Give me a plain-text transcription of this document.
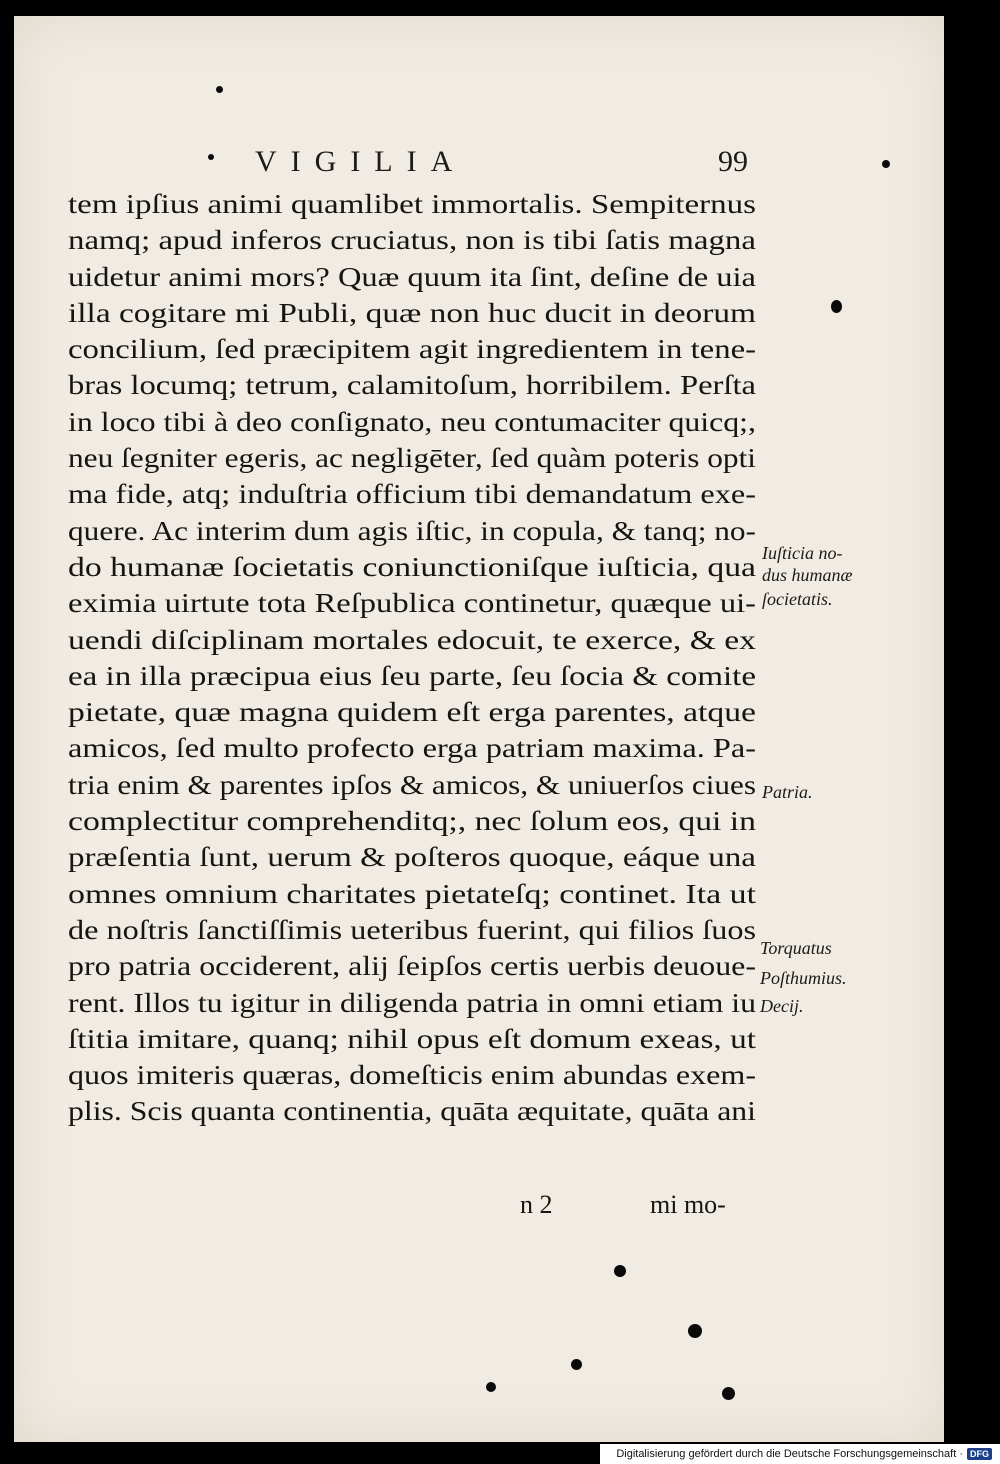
VIGILIA	99
tem ipſius animi quamlibet immortalis. Sempiternus
namq; apud inferos cruciatus, non is tibi ſatis magna
uidetur animi mors? Quæ quum ita ſint, deſine de uia
illa cogitare mi Publi, quæ non huc ducit in deorum
concilium, ſed præcipitem agit ingredientem in tene-
bras locumq; tetrum, calamitoſum, horribilem. Perſta
in loco tibi à deo conſignato, neu contumaciter quicq;,
neu ſegniter egeris, ac negligēter, ſed quàm poteris opti
ma fide, atq; induſtria officium tibi demandatum exe-
quere. Ac interim dum agis iſtic, in copula, & tanq; no-
do humanæ ſocietatis coniunctioniſque iuſticia, qua
eximia uirtute tota Reſpublica continetur, quæque ui-
uendi diſciplinam mortales edocuit, te exerce, & ex
ea in illa præcipua eius ſeu parte, ſeu ſocia & comite
pietate, quæ magna quidem eſt erga parentes, atque
amicos, ſed multo profecto erga patriam maxima. Pa-
tria enim & parentes ipſos & amicos, & uniuerſos ciues
complectitur comprehenditq;, nec ſolum eos, qui in
præſentia ſunt, uerum & poſteros quoque, eáque una
omnes omnium charitates pietateſq; continet. Ita ut
de noſtris ſanctiſſimis ueteribus fuerint, qui filios ſuos
pro patria occiderent, alij ſeipſos certis uerbis deuoue-
rent. Illos tu igitur in diligenda patria in omni etiam iu
ſtitia imitare, quanq; nihil opus eſt domum exeas, ut
quos imiteris quæras, domeſticis enim abundas exem-
plis. Scis quanta continentia, quāta æquitate, quāta ani
Iuſticia no-
dus humanæ
ſocietatis.
Patria.
Torquatus
Poſthumius.
Decij.
n 2	mi mo-
Digitalisierung gefördert durch die Deutsche Forschungsgemeinschaft · DFG
